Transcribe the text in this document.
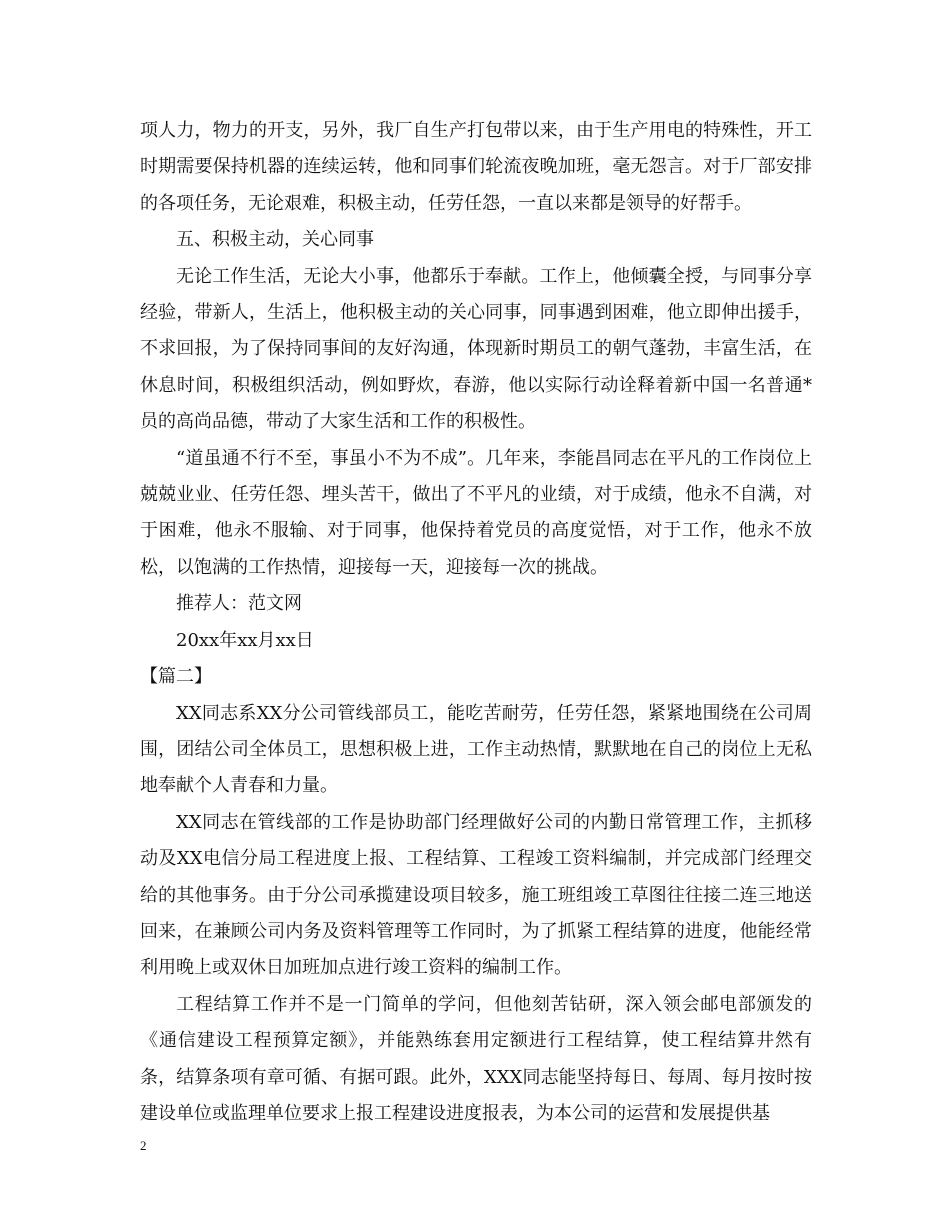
项人力，物力的开支，另外，我厂自生产打包带以来，由于生产用电的特殊性，开工时期需要保持机器的连续运转，他和同事们轮流夜晚加班，毫无怨言。对于厂部安排的各项任务，无论艰难，积极主动，任劳任怨，一直以来都是领导的好帮手。

五、积极主动，关心同事

无论工作生活，无论大小事，他都乐于奉献。工作上，他倾囊全授，与同事分享经验，带新人，生活上，他积极主动的关心同事，同事遇到困难，他立即伸出援手，不求回报，为了保持同事间的友好沟通，体现新时期员工的朝气蓬勃，丰富生活，在休息时间，积极组织活动，例如野炊，春游，他以实际行动诠释着新中国一名普通*员的高尚品德，带动了大家生活和工作的积极性。

“道虽通不行不至，事虽小不为不成”。几年来，李能昌同志在平凡的工作岗位上兢兢业业、任劳任怨、埋头苦干，做出了不平凡的业绩，对于成绩，他永不自满，对于困难，他永不服输、对于同事，他保持着党员的高度觉悟，对于工作，他永不放松，以饱满的工作热情，迎接每一天，迎接每一次的挑战。

推荐人：范文网

20xx年xx月xx日

【篇二】

XX同志系XX分公司管线部员工，能吃苦耐劳，任劳任怨，紧紧地围绕在公司周围，团结公司全体员工，思想积极上进，工作主动热情，默默地在自己的岗位上无私地奉献个人青春和力量。

XX同志在管线部的工作是协助部门经理做好公司的内勤日常管理工作，主抓移动及XX电信分局工程进度上报、工程结算、工程竣工资料编制，并完成部门经理交给的其他事务。由于分公司承揽建设项目较多，施工班组竣工草图往往接二连三地送回来，在兼顾公司内务及资料管理等工作同时，为了抓紧工程结算的进度，他能经常利用晚上或双休日加班加点进行竣工资料的编制工作。

工程结算工作并不是一门简单的学问，但他刻苦钻研，深入领会邮电部颁发的《通信建设工程预算定额》，并能熟练套用定额进行工程结算，使工程结算井然有条，结算条项有章可循、有据可跟。此外，XXX同志能坚持每日、每周、每月按时按建设单位或监理单位要求上报工程建设进度报表，为本公司的运营和发展提供基

2
